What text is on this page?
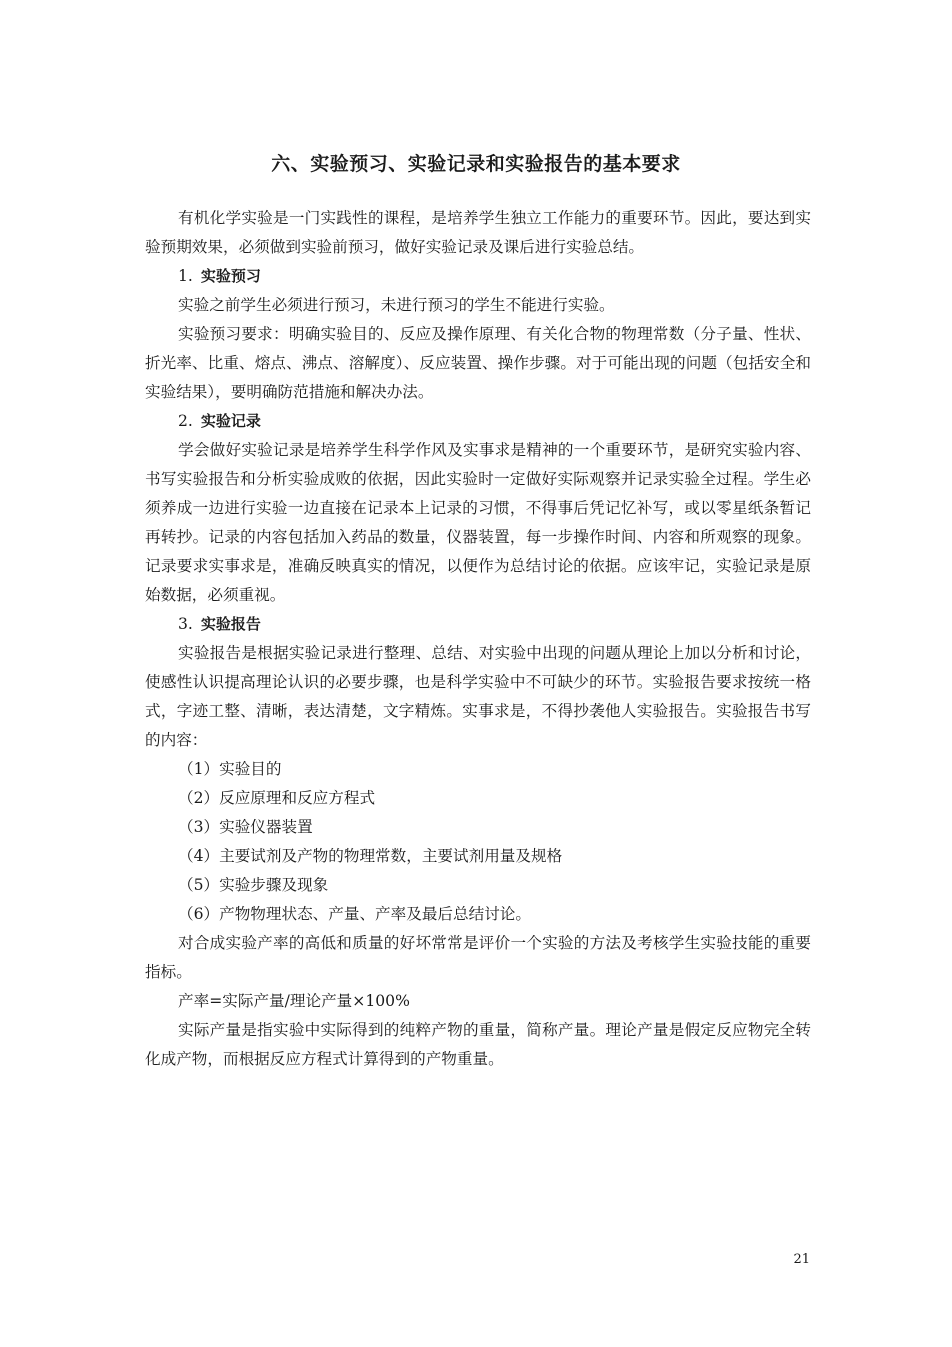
六、实验预习、实验记录和实验报告的基本要求

有机化学实验是一门实践性的课程，是培养学生独立工作能力的重要环节。因此，要达到实验预期效果，必须做到实验前预习，做好实验记录及课后进行实验总结。

1. 实验预习

实验之前学生必须进行预习，未进行预习的学生不能进行实验。

实验预习要求：明确实验目的、反应及操作原理、有关化合物的物理常数（分子量、性状、折光率、比重、熔点、沸点、溶解度）、反应装置、操作步骤。对于可能出现的问题（包括安全和实验结果），要明确防范措施和解决办法。

2. 实验记录

学会做好实验记录是培养学生科学作风及实事求是精神的一个重要环节，是研究实验内容、书写实验报告和分析实验成败的依据，因此实验时一定做好实际观察并记录实验全过程。学生必须养成一边进行实验一边直接在记录本上记录的习惯，不得事后凭记忆补写，或以零星纸条暂记再转抄。记录的内容包括加入药品的数量，仪器装置，每一步操作时间、内容和所观察的现象。记录要求实事求是，准确反映真实的情况，以便作为总结讨论的依据。应该牢记，实验记录是原始数据，必须重视。

3. 实验报告

实验报告是根据实验记录进行整理、总结、对实验中出现的问题从理论上加以分析和讨论，使感性认识提高理论认识的必要步骤，也是科学实验中不可缺少的环节。实验报告要求按统一格式，字迹工整、清晰，表达清楚，文字精炼。实事求是，不得抄袭他人实验报告。实验报告书写的内容：

（1）实验目的

（2）反应原理和反应方程式

（3）实验仪器装置

（4）主要试剂及产物的物理常数，主要试剂用量及规格

（5）实验步骤及现象

（6）产物物理状态、产量、产率及最后总结讨论。

对合成实验产率的高低和质量的好坏常常是评价一个实验的方法及考核学生实验技能的重要指标。

产率=实际产量/理论产量×100%

实际产量是指实验中实际得到的纯粹产物的重量，简称产量。理论产量是假定反应物完全转化成产物，而根据反应方程式计算得到的产物重量。

21
